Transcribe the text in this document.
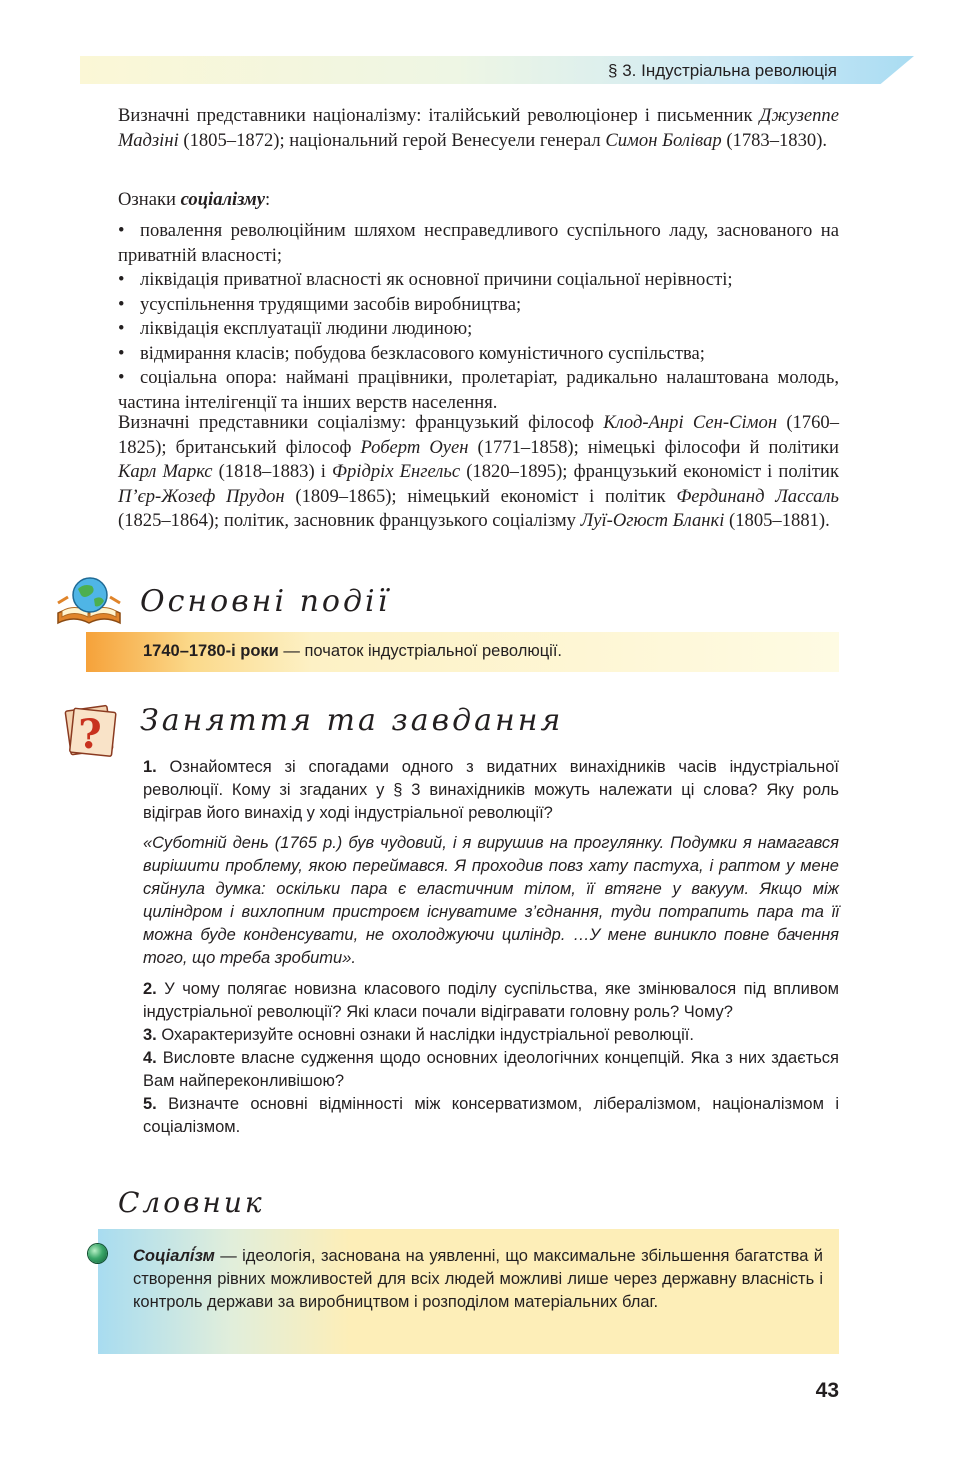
§ 3. Індустріальна революція

Визначні представники націоналізму: італійський революціонер і письменник Джузеппе Мадзіні (1805–1872); національний герой Венесуели генерал Симон Болівар (1783–1830).

Ознаки соціалізму:

• повалення революційним шляхом несправедливого суспільного ладу, заснованого на приватній власності;
• ліквідація приватної власності як основної причини соціальної нерівності;
• усуспільнення трудящими засобів виробництва;
• ліквідація експлуатації людини людиною;
• відмирання класів; побудова безкласового комуністичного суспільства;
• соціальна опора: наймані працівники, пролетаріат, радикально налаштована молодь, частина інтелігенції та інших верств населення.

Визначні представники соціалізму: французький філософ Клод-Анрі Сен-Сімон (1760–1825); британський філософ Роберт Оуен (1771–1858); німецькі філософи й політики Карл Маркс (1818–1883) і Фрідріх Енгельс (1820–1895); французький економіст і політик П’єр-Жозеф Прудон (1809–1865); німецький економіст і політик Фердинанд Лассаль (1825–1864); політик, засновник французького соціалізму Луї-Огюст Бланкі (1805–1881).

Основні події
1740–1780-і роки — початок індустріальної революції.
? Заняття та завдання

1. Ознайомтеся зі спогадами одного з видатних винахідників часів індустріальної революції. Кому зі згаданих у § 3 винахідників можуть належати ці слова? Яку роль відіграв його винахід у ході індустріальної революції?

«Суботній день (1765 р.) був чудовий, і я вирушив на прогулянку. Подумки я намагався вирішити проблему, якою переймався. Я проходив повз хату пастуха, і раптом у мене сяйнула думка: оскільки пара є еластичним тілом, її втягне у вакуум. Якщо між циліндром і вихлопним пристроєм існуватиме з’єднання, туди потрапить пара та її можна буде конденсувати, не охолоджуючи циліндр. …У мене виникло повне бачення того, що треба зробити».

2. У чому полягає новизна класового поділу суспільства, яке змінювалося під впливом індустріальної революції? Які класи почали відігравати головну роль? Чому?

3. Охарактеризуйте основні ознаки й наслідки індустріальної революції.

4. Висловте власне судження щодо основних ідеологічних концепцій. Яка з них здається Вам найпереконливішою?

5. Визначте основні відмінності між консерватизмом, лібералізмом, націоналізмом і соціалізмом.

Словник
Соціалі́зм — ідеологія, заснована на уявленні, що максимальне збільшення багатства й створення рівних можливостей для всіх людей можливі лише через державну власність і контроль держави за виробництвом і розподілом матеріальних благ.
43
